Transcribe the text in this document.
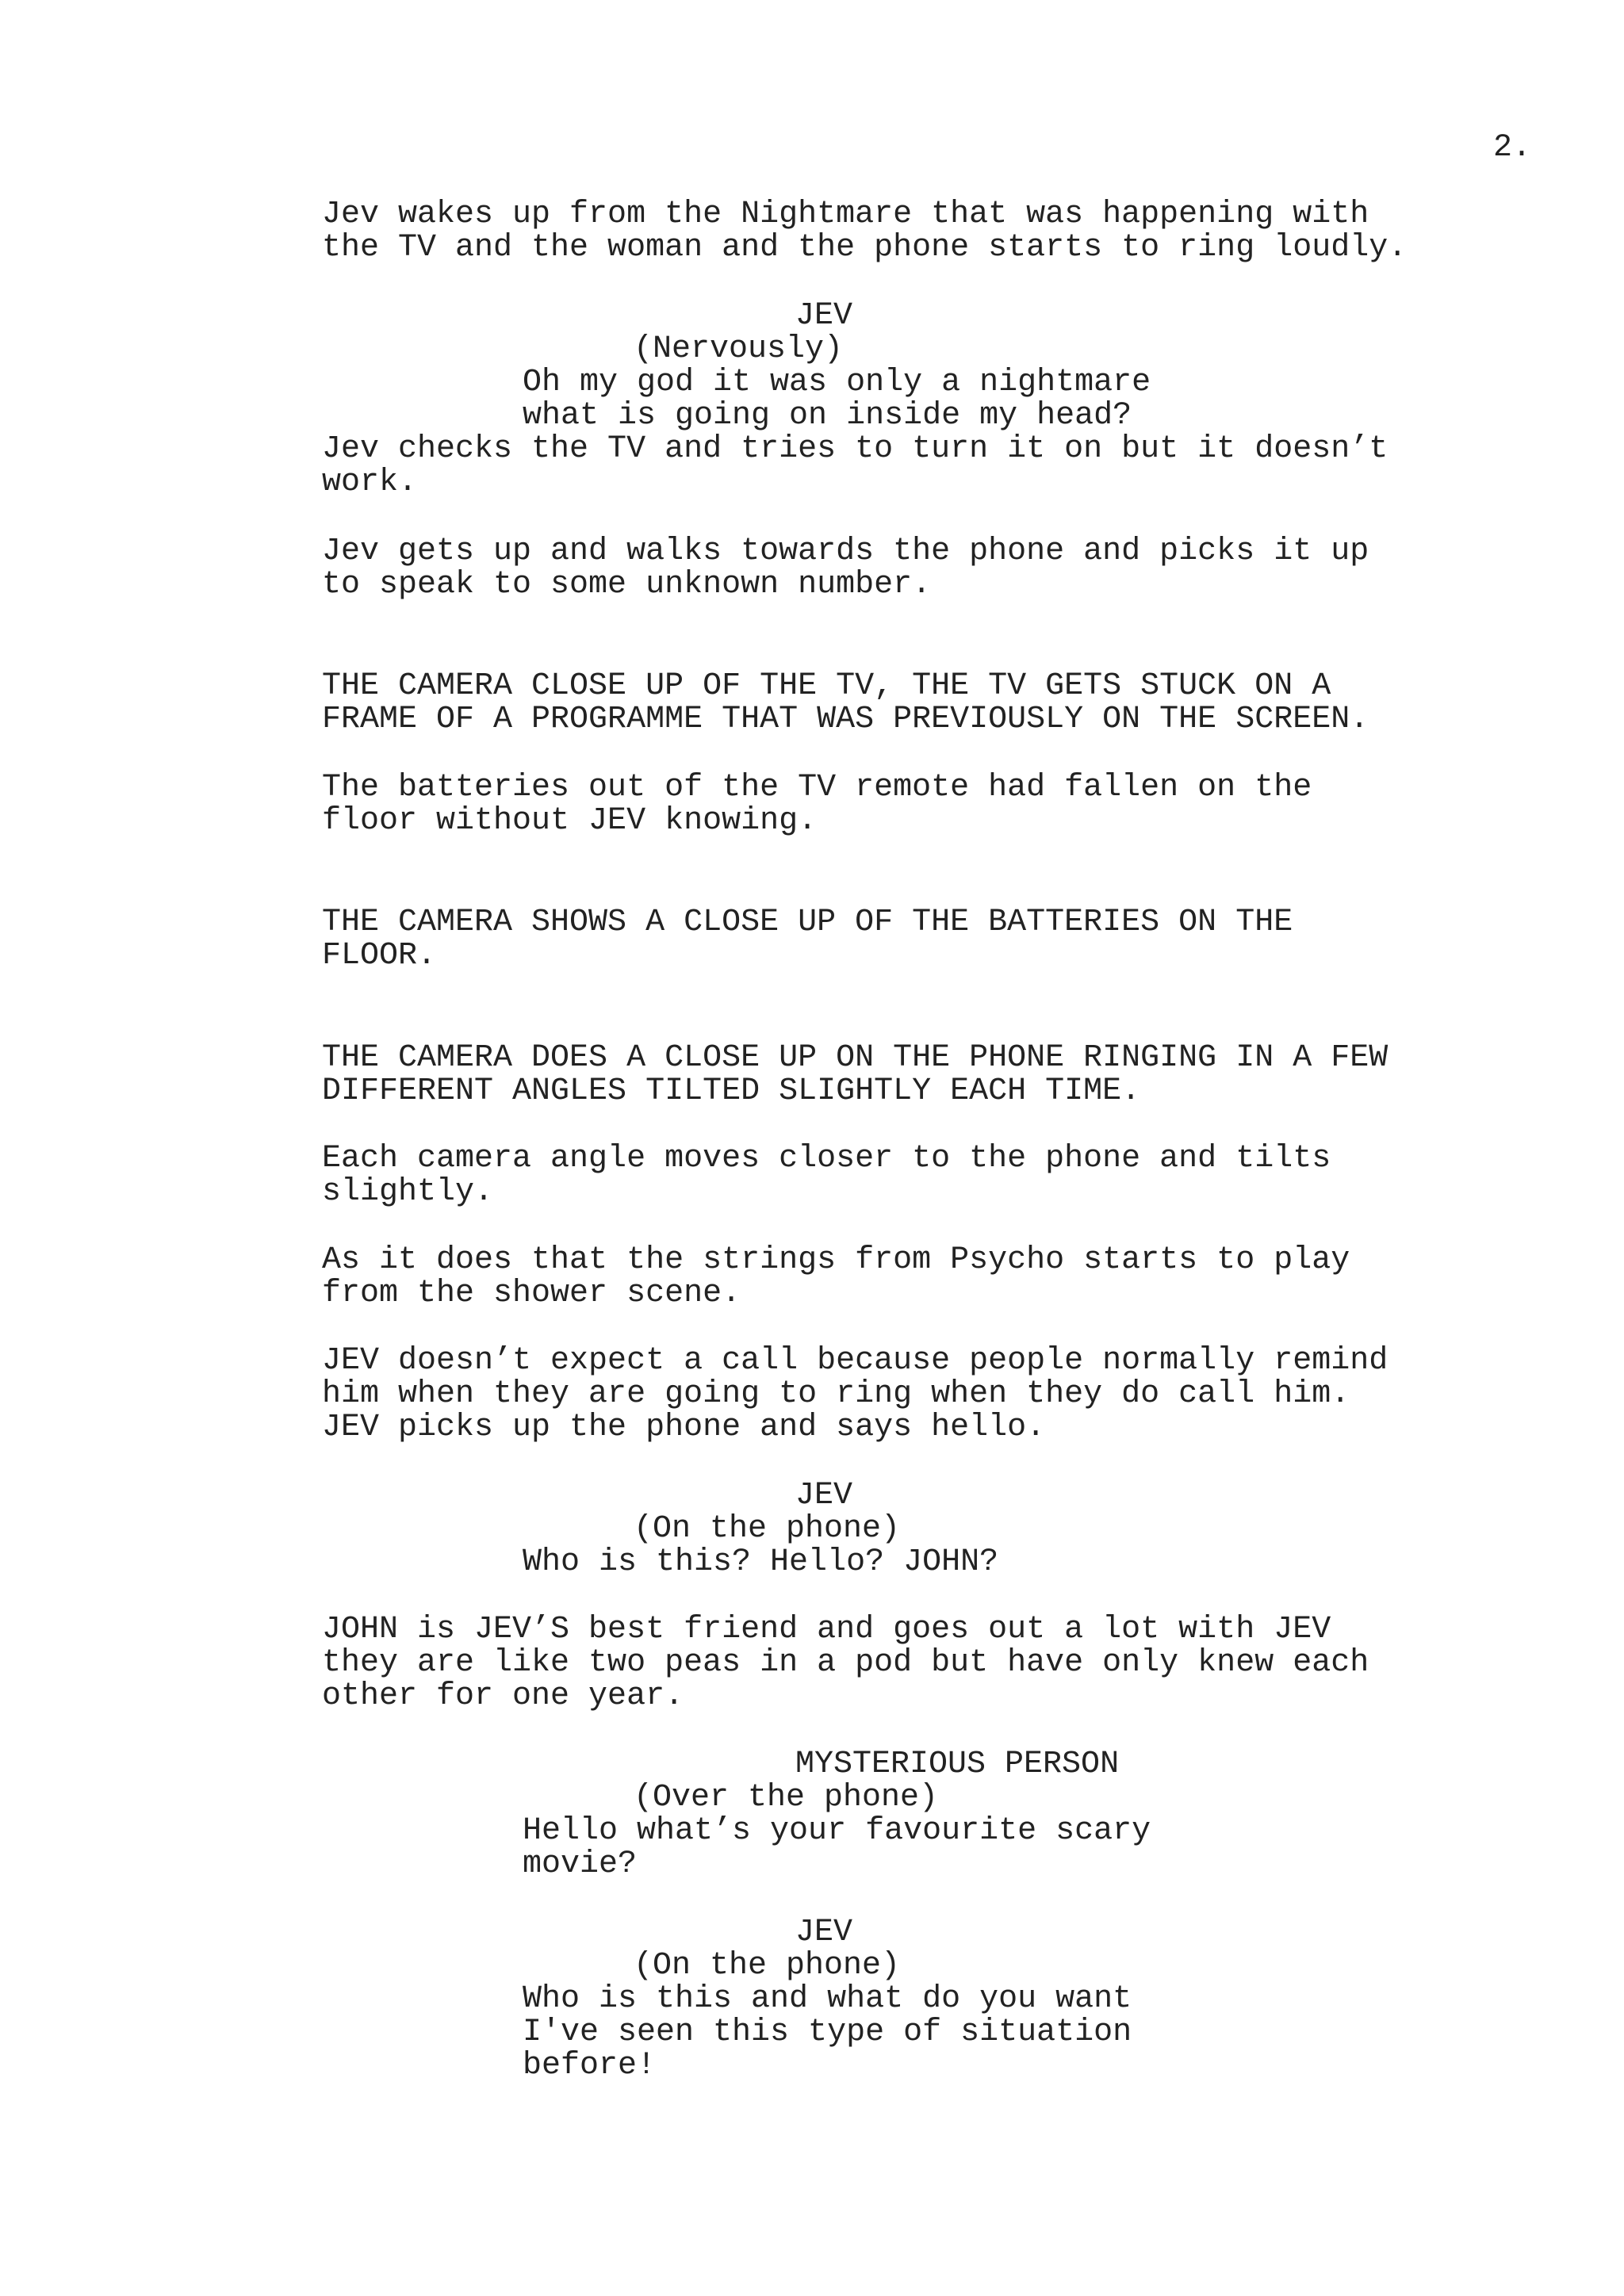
2.
Jev wakes up from the Nightmare that was happening with
the TV and the woman and the phone starts to ring loudly.
JEV
(Nervously)
Oh my god it was only a nightmare
what is going on inside my head?
Jev checks the TV and tries to turn it on but it doesn’t
work.
Jev gets up and walks towards the phone and picks it up
to speak to some unknown number.
THE CAMERA CLOSE UP OF THE TV, THE TV GETS STUCK ON A
FRAME OF A PROGRAMME THAT WAS PREVIOUSLY ON THE SCREEN.
The batteries out of the TV remote had fallen on the
floor without JEV knowing.
THE CAMERA SHOWS A CLOSE UP OF THE BATTERIES ON THE
FLOOR.
THE CAMERA DOES A CLOSE UP ON THE PHONE RINGING IN A FEW
DIFFERENT ANGLES TILTED SLIGHTLY EACH TIME.
Each camera angle moves closer to the phone and tilts
slightly.
As it does that the strings from Psycho starts to play
from the shower scene.
JEV doesn’t expect a call because people normally remind
him when they are going to ring when they do call him.
JEV picks up the phone and says hello.
JEV
(On the phone)
Who is this? Hello? JOHN?
JOHN is JEV’S best friend and goes out a lot with JEV
they are like two peas in a pod but have only knew each
other for one year.
MYSTERIOUS PERSON
(Over the phone)
Hello what’s your favourite scary
movie?
JEV
(On the phone)
Who is this and what do you want
I've seen this type of situation
before!
